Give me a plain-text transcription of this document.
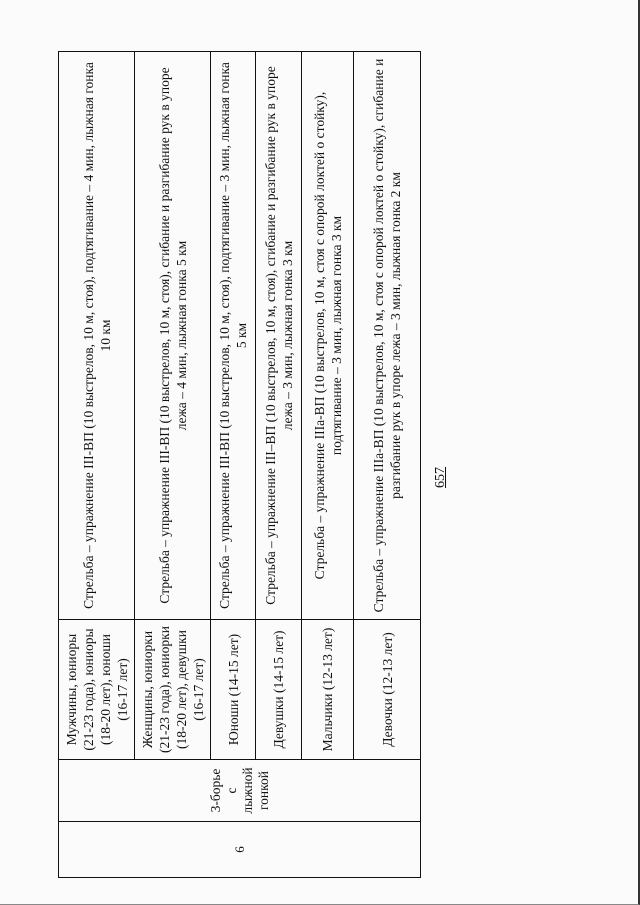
657
6	3-борье с лыжной гонкой	Мужчины, юниоры (21-23 года), юниоры (18-20 лет), юноши (16-17 лет)	Стрельба – упражнение III-ВП (10 выстрелов, 10 м, стоя), подтягивание – 4 мин, лыжная гонка 10 км
		Женщины, юниорки (21-23 года), юниорки (18-20 лет), девушки (16-17 лет)	Стрельба – упражнение III-ВП (10 выстрелов, 10 м, стоя), сгибание и разгибание рук в упоре лежа – 4 мин, лыжная гонка 5 км
		Юноши (14-15 лет)	Стрельба – упражнение III-ВП (10 выстрелов, 10 м, стоя), подтягивание – 3 мин, лыжная гонка 5 км
		Девушки (14-15 лет)	Стрельба – упражнение III–ВП (10 выстрелов, 10 м, стоя), сгибание и разгибание рук в упоре лежа – 3 мин, лыжная гонка 3 км
		Мальчики (12-13 лет)	Стрельба – упражнение IIIа-ВП (10 выстрелов, 10 м, стоя с опорой локтей о стойку), подтягивание – 3 мин, лыжная гонка 3 км
		Девочки (12-13 лет)	Стрельба – упражнение IIIа-ВП (10 выстрелов, 10 м, стоя с опорой локтей о стойку), сгибание и разгибание рук в упоре лежа – 3 мин, лыжная гонка 2 км
